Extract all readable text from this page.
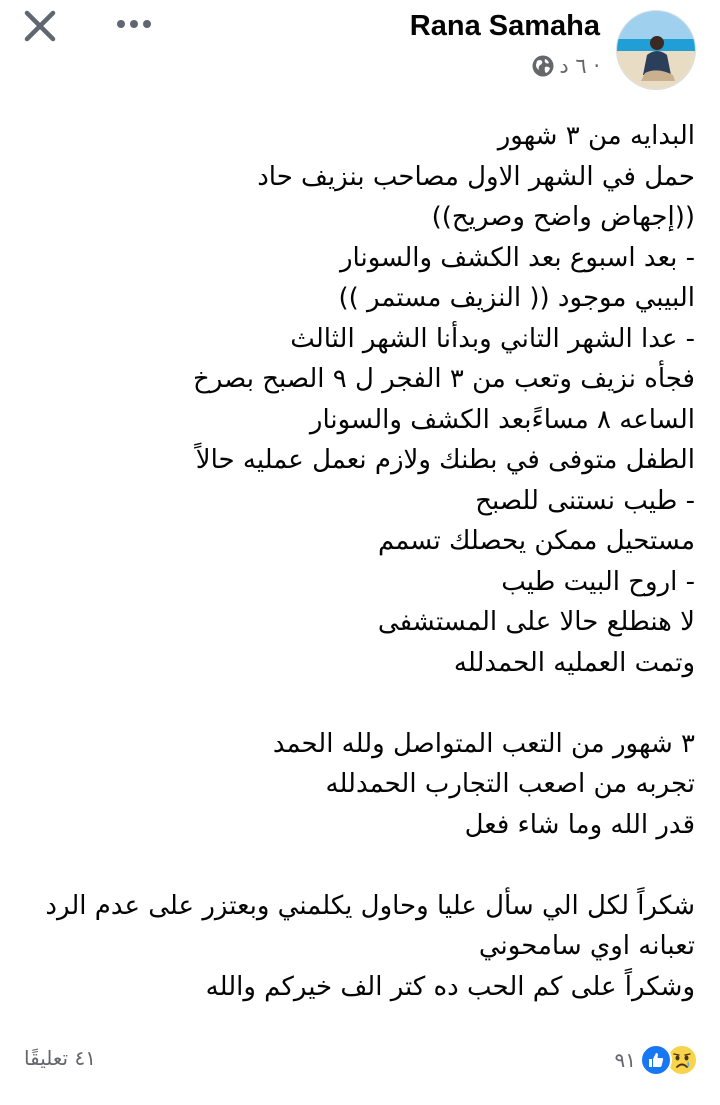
Rana Samaha
٦ د ·
البدايه من ٣ شهور
حمل في الشهر الاول مصاحب بنزيف حاد
((إجهاض واضح وصريح))
- بعد اسبوع بعد الكشف والسونار
البيبي موجود (( النزيف مستمر ))
- عدا الشهر التاني وبدأنا الشهر الثالث
فجأه نزيف وتعب من ٣ الفجر ل ٩ الصبح بصرخ
الساعه ٨ مساءًبعد الكشف والسونار
الطفل متوفى في بطنك ولازم نعمل عمليه حالاً
- طيب نستنى للصبح
مستحيل ممكن يحصلك تسمم
- اروح البيت طيب
لا هنطلع حالا على المستشفى
وتمت العمليه الحمدلله
٣ شهور من التعب المتواصل ولله الحمد
تجربه من اصعب التجارب الحمدلله
قدر الله وما شاء فعل
شكراً لكل الي سأل عليا وحاول يكلمني وبعتزر على عدم الرد
تعبانه اوي سامحوني
وشكراً على كم الحب ده كتر الف خيركم والله
٩١
٤١ تعليقًا
